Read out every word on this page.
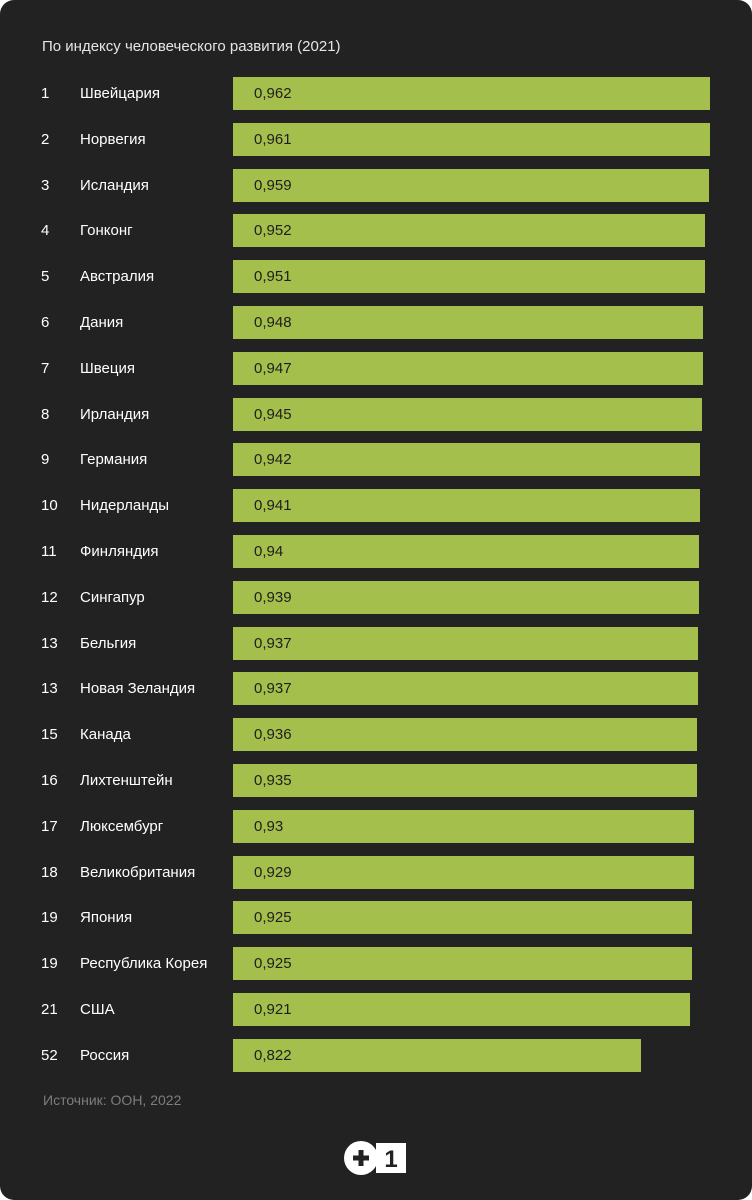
По индексу человеческого развития (2021)
1 Швейцария	0,962
2 Норвегия	0,961
3 Исландия	0,959
4 Гонконг	0,952
5 Австралия	0,951
6 Дания	0,948
7 Швеция	0,947
8 Ирландия	0,945
9 Германия	0,942
10 Нидерланды	0,941
11 Финляндия	0,94
12 Сингапур	0,939
13 Бельгия	0,937
13 Новая Зеландия	0,937
15 Канада	0,936
16 Лихтенштейн	0,935
17 Люксембург	0,93
18 Великобритания	0,929
19 Япония	0,925
19 Республика Корея	0,925
21 США	0,921
52 Россия	0,822
Источник: ООН, 2022
1
